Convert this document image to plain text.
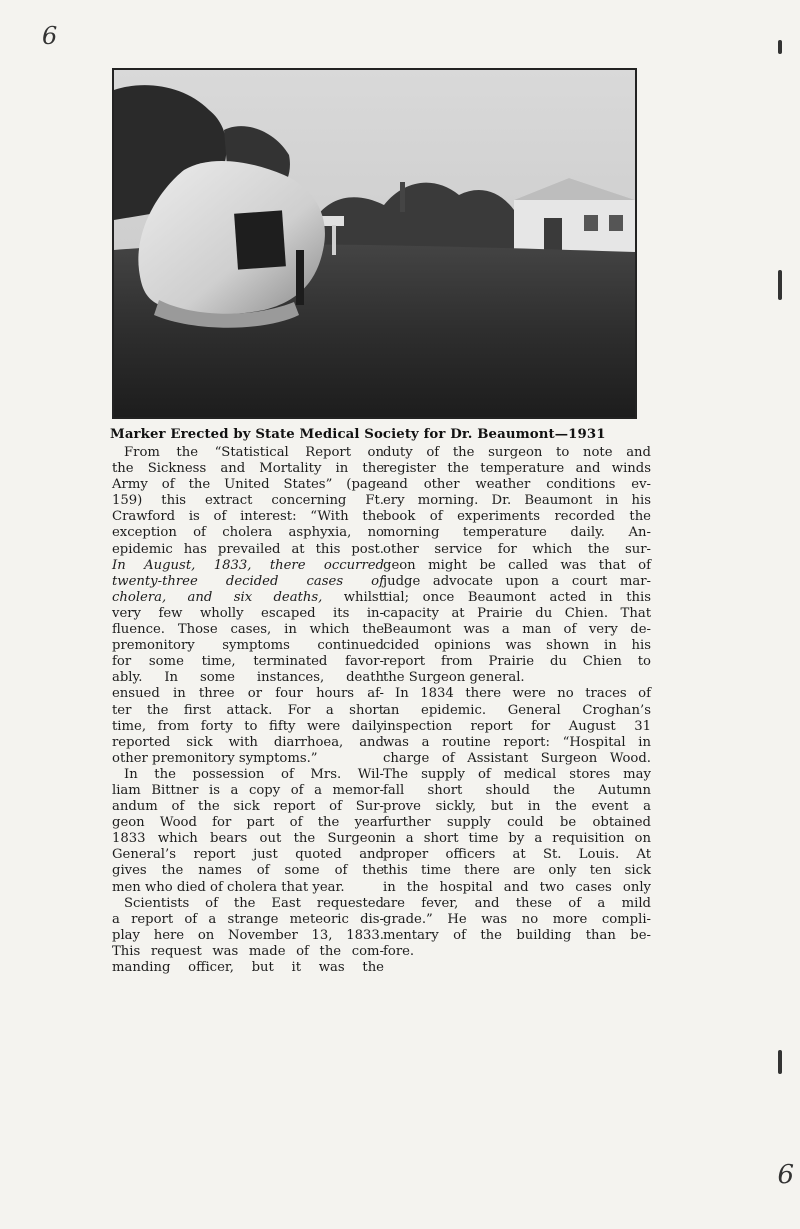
6
Marker Erected by State Medical Society for Dr. Beaumont—1931
From the “Statistical Report on
the Sickness and Mortality in the
Army of the United States” (page
159) this extract concerning Ft.
Crawford is of interest: “With the
exception of cholera asphyxia, no
epidemic has prevailed at this post.
In August, 1833, there occurred
twenty-three decided cases of
cholera, and six deaths, whilst
very few wholly escaped its in-
fluence. Those cases, in which the
premonitory symptoms continued
for some time, terminated favor-
ably. In some instances, death
ensued in three or four hours af-
ter the first attack. For a short
time, from forty to fifty were daily
reported sick with diarrhoea, and
other premonitory symptoms.”
In the possession of Mrs. Wil-
liam Bittner is a copy of a memor-
andum of the sick report of Sur-
geon Wood for part of the year
1833 which bears out the Surgeon
General’s report just quoted and
gives the names of some of the
men who died of cholera that year.
Scientists of the East requested
a report of a strange meteoric dis-
play here on November 13, 1833.
This request was made of the com-
manding officer, but it was the
duty of the surgeon to note and
register the temperature and winds
and other weather conditions ev-
ery morning. Dr. Beaumont in his
book of experiments recorded the
morning temperature daily. An-
other service for which the sur-
geon might be called was that of
judge advocate upon a court mar-
tial; once Beaumont acted in this
capacity at Prairie du Chien. That
Beaumont was a man of very de-
cided opinions was shown in his
report from Prairie du Chien to
the Surgeon general.
In 1834 there were no traces of
an epidemic. General Croghan’s
inspection report for August 31
was a routine report: “Hospital in
charge of Assistant Surgeon Wood.
The supply of medical stores may
fall short should the Autumn
prove sickly, but in the event a
further supply could be obtained
in a short time by a requisition on
proper officers at St. Louis. At
this time there are only ten sick
in the hospital and two cases only
are fever, and these of a mild
grade.” He was no more compli-
mentary of the building than be-
fore.
6
